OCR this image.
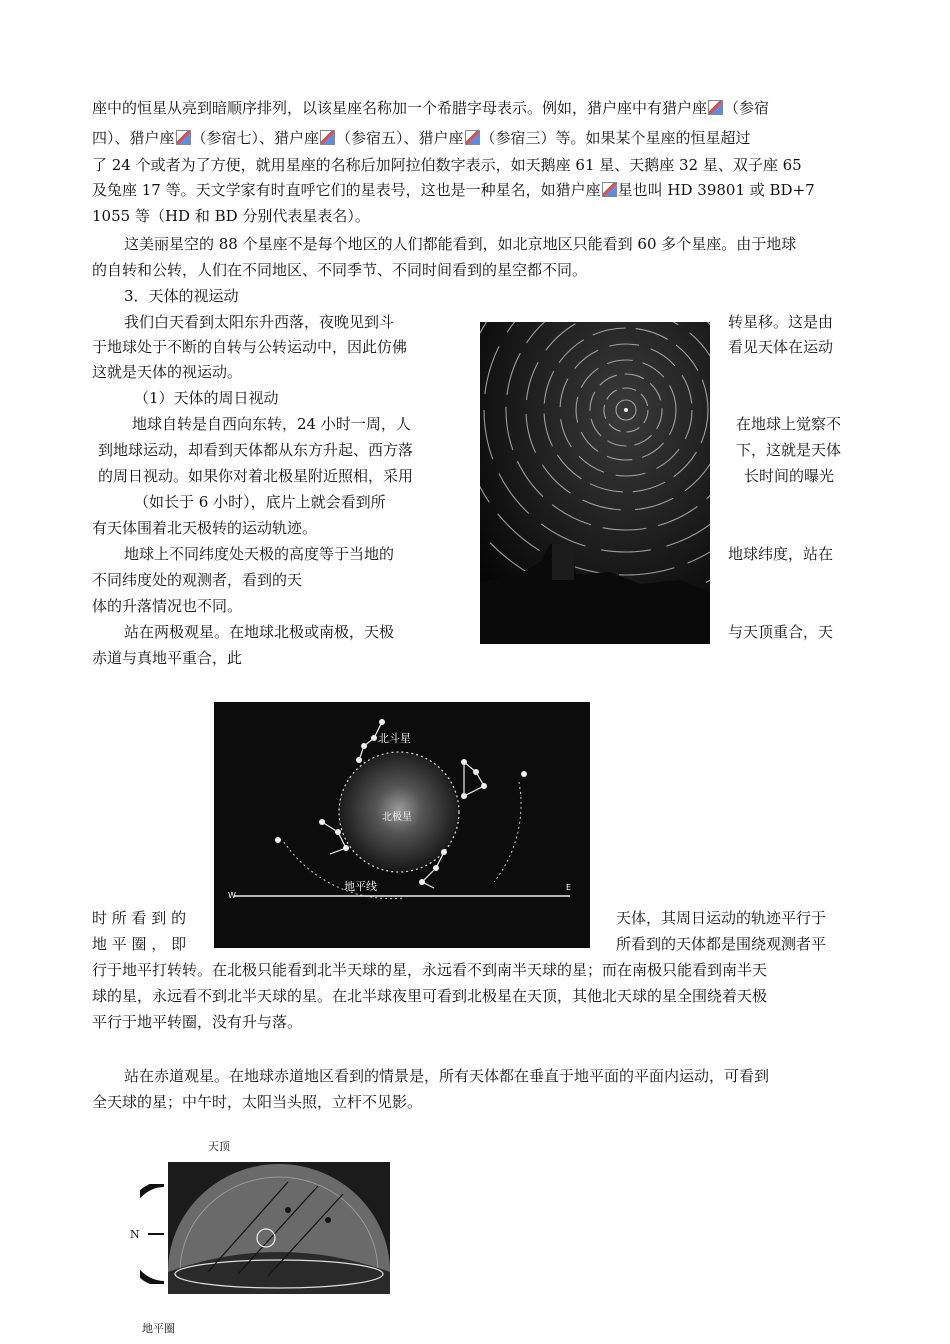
座中的恒星从亮到暗顺序排列，以该星座名称加一个希腊字母表示。例如，猎户座中有猎户座 （参宿
四）、猎户座 （参宿七）、猎户座 （参宿五）、猎户座 （参宿三）等。如果某个星座的恒星超过
了 24 个或者为了方便，就用星座的名称后加阿拉伯数字表示，如天鹅座 61 星、天鹅座 32 星、双子座 65
及兔座 17 等。天文学家有时直呼它们的星表号，这也是一种星名，如猎户座 星也叫 HD 39801 或 BD+7
1055 等（HD 和 BD 分别代表星表名）。
这美丽星空的 88 个星座不是每个地区的人们都能看到，如北京地区只能看到 60 多个星座。由于地球
的自转和公转，人们在不同地区、不同季节、不同时间看到的星空都不同。
3．天体的视运动
我们白天看到太阳东升西落，夜晚见到斗	转星移。这是由
于地球处于不断的自转与公转运动中，因此仿佛	看见天体在运动
这就是天体的视运动。
（1）天体的周日视动
地球自转是自西向东转，24 小时一周，人	在地球上觉察不
到地球运动，却看到天体都从东方升起、西方落	下，这就是天体
的周日视动。如果你对着北极星附近照相，采用	长时间的曝光
（如长于 6 小时），底片上就会看到所
有天体围着北天极转的运动轨迹。
地球上不同纬度处天极的高度等于当地的	地球纬度，站在
不同纬度处的观测者，看到的天
体的升落情况也不同。
站在两极观星。在地球北极或南极，天极	与天顶重合，天
赤道与真地平重合，此
北斗星
北极星
地平线
W
E
时 所 看 到 的	天体，其周日运动的轨迹平行于
地 平 圈 ， 即	所看到的天体都是围绕观测者平
行于地平打转转。在北极只能看到北半天球的星，永远看不到南半天球的星；而在南极只能看到南半天
球的星，永远看不到北半天球的星。在北半球夜里可看到北极星在天顶，其他北天球的星全围绕着天极
平行于地平转圈，没有升与落。
站在赤道观星。在地球赤道地区看到的情景是，所有天体都在垂直于地平面的平面内运动，可看到
全天球的星；中午时，太阳当头照，立杆不见影。
天顶
N
地平圈
